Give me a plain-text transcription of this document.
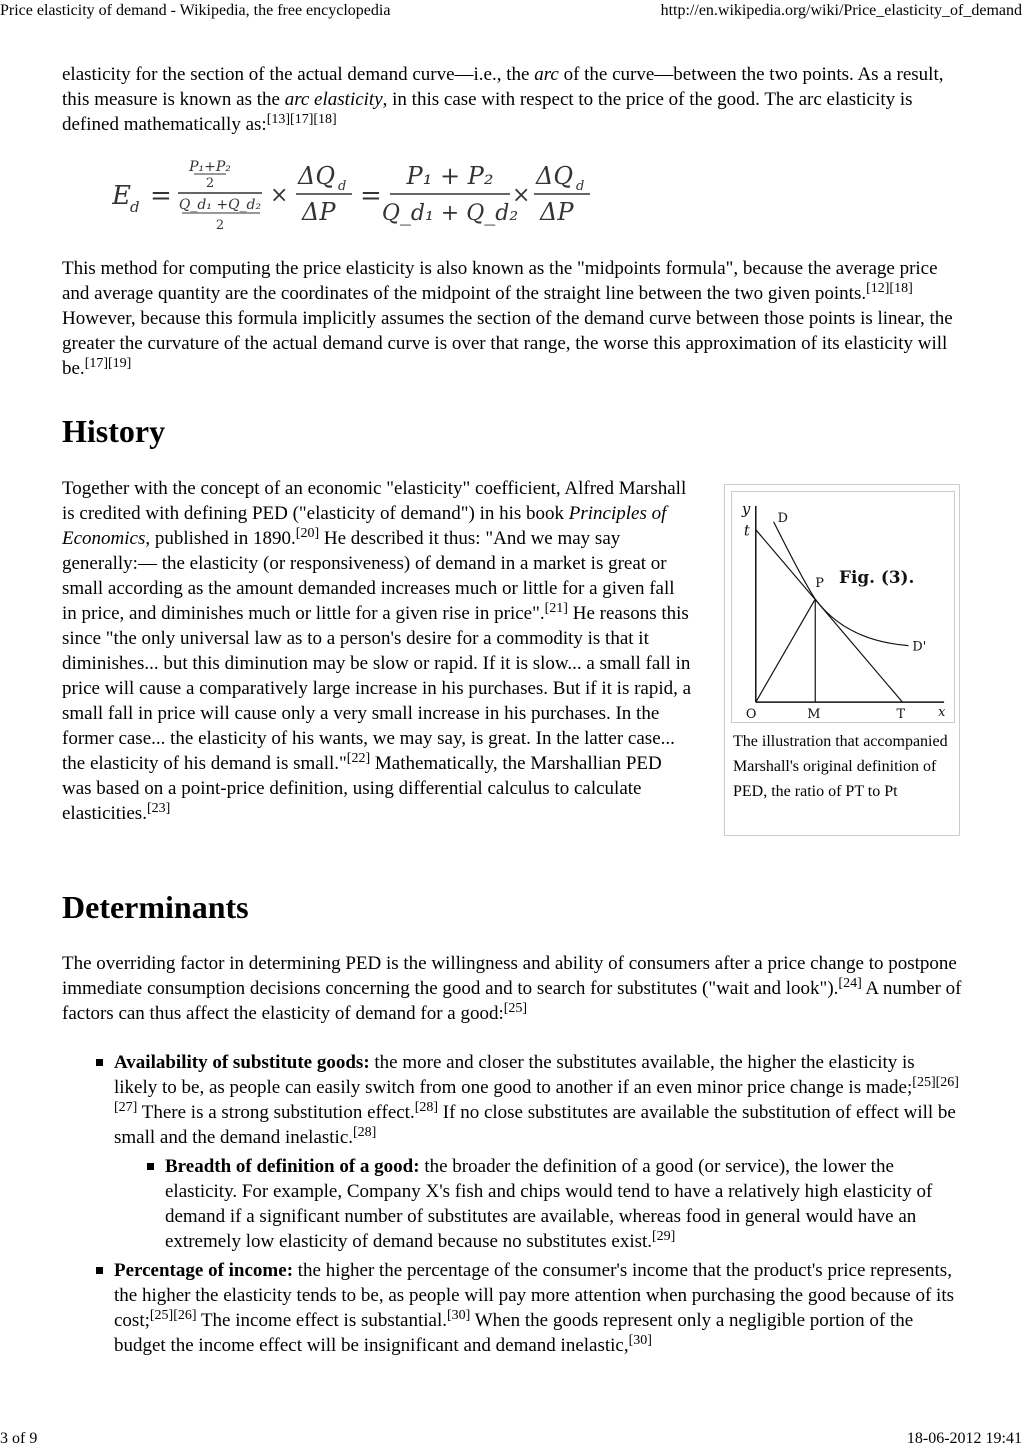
Price elasticity of demand - Wikipedia, the free encyclopedia	http://en.wikipedia.org/wiki/Price_elasticity_of_demand

elasticity for the section of the actual demand curve—i.e., the arc of the curve—between the two points. As a result, this measure is known as the arc elasticity, in this case with respect to the price of the good. The arc elasticity is defined mathematically as:[13][17][18]

E d =
P₁+P₂
2
Q_d₁ +Q_d₂
2
×
ΔQ d
ΔP
=
P₁ + P₂
Q_d₁ + Q_d₂
×
ΔQ d
ΔP

This method for computing the price elasticity is also known as the "midpoints formula", because the average price and average quantity are the coordinates of the midpoint of the straight line between the two given points.[12][18] However, because this formula implicitly assumes the section of the demand curve between those points is linear, the greater the curvature of the actual demand curve is over that range, the worse this approximation of its elasticity will be.[17][19]

History

Together with the concept of an economic "elasticity" coefficient, Alfred Marshall is credited with defining PED ("elasticity of demand") in his book Principles of Economics, published in 1890.[20] He described it thus: "And we may say generally:— the elasticity (or responsiveness) of demand in a market is great or small according as the amount demanded increases much or little for a given fall in price, and diminishes much or little for a given rise in price".[21] He reasons this since "the only universal law as to a person's desire for a commodity is that it diminishes... but this diminution may be slow or rapid. If it is slow... a small fall in price will cause a comparatively large increase in his purchases. But if it is rapid, a small fall in price will cause only a very small increase in his purchases. In the former case... the elasticity of his wants, we may say, is great. In the latter case... the elasticity of his demand is small."[22] Mathematically, the Marshallian PED was based on a point-price definition, using differential calculus to calculate elasticities.[23]

y
t
D
P Fig. (3).
D'
O	M	T	x
The illustration that accompanied Marshall's original definition of PED, the ratio of PT to Pt
Determinants

The overriding factor in determining PED is the willingness and ability of consumers after a price change to postpone immediate consumption decisions concerning the good and to search for substitutes ("wait and look").[24] A number of factors can thus affect the elasticity of demand for a good:[25]

Availability of substitute goods: the more and closer the substitutes available, the higher the elasticity is likely to be, as people can easily switch from one good to another if an even minor price change is made;[25][26][27] There is a strong substitution effect.[28] If no close substitutes are available the substitution of effect will be small and the demand inelastic.[28]
Breadth of definition of a good: the broader the definition of a good (or service), the lower the elasticity. For example, Company X's fish and chips would tend to have a relatively high elasticity of demand if a significant number of substitutes are available, whereas food in general would have an extremely low elasticity of demand because no substitutes exist.[29]
Percentage of income: the higher the percentage of the consumer's income that the product's price represents, the higher the elasticity tends to be, as people will pay more attention when purchasing the good because of its cost;[25][26] The income effect is substantial.[30] When the goods represent only a negligible portion of the budget the income effect will be insignificant and demand inelastic,[30]
3 of 9	18-06-2012 19:41
